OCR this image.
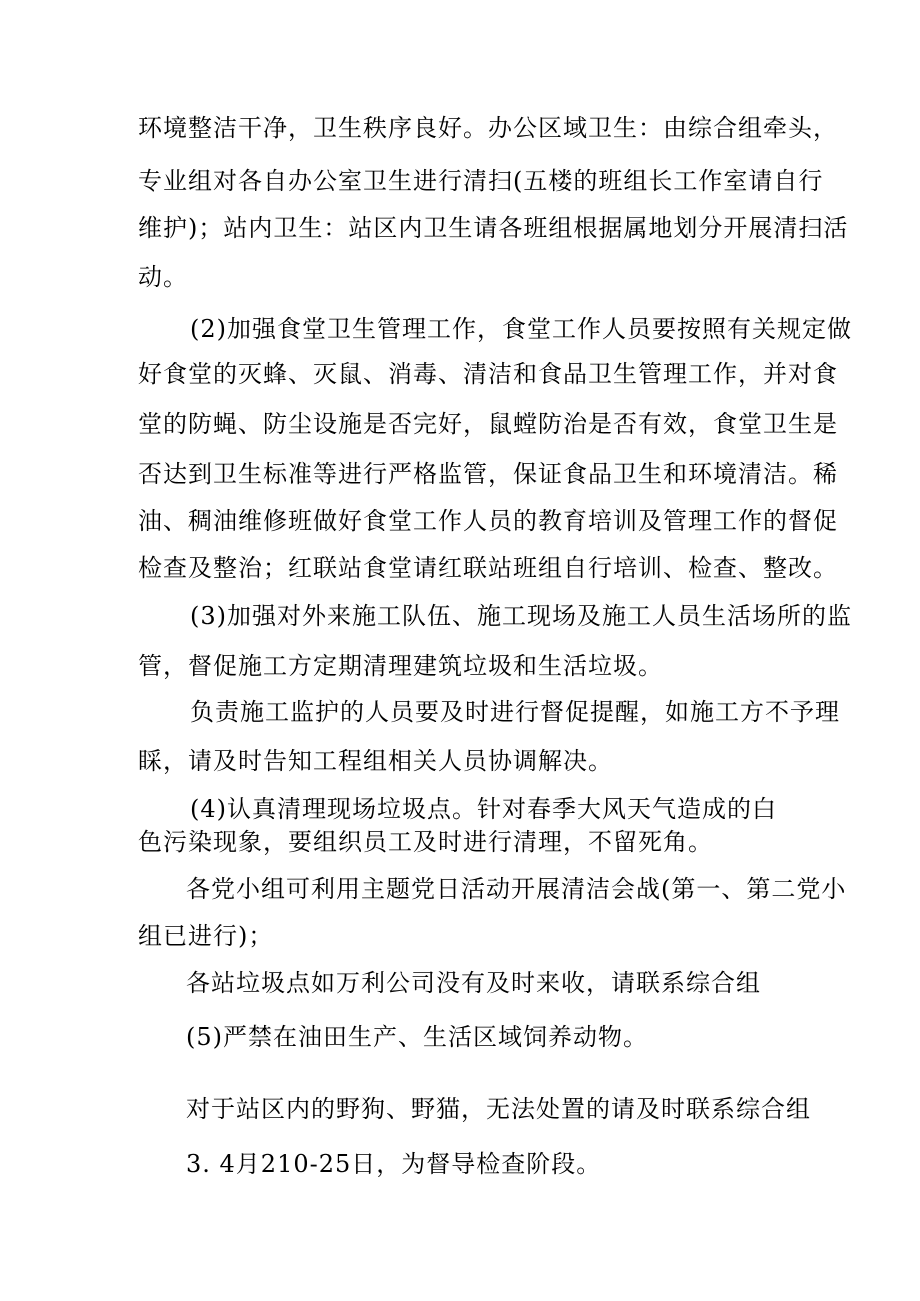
环境整洁干净，卫生秩序良好。办公区域卫生：由综合组牵头，
专业组对各自办公室卫生进行清扫(五楼的班组长工作室请自行
维护)；站内卫生：站区内卫生请各班组根据属地划分开展清扫活
动。
(2)加强食堂卫生管理工作，食堂工作人员要按照有关规定做
好食堂的灭蜂、灭鼠、消毒、清洁和食品卫生管理工作，并对食
堂的防蝇、防尘设施是否完好，鼠螳防治是否有效，食堂卫生是
否达到卫生标准等进行严格监管，保证食品卫生和环境清洁。稀
油、稠油维修班做好食堂工作人员的教育培训及管理工作的督促
检查及整治；红联站食堂请红联站班组自行培训、检查、整改。
(3)加强对外来施工队伍、施工现场及施工人员生活场所的监
管，督促施工方定期清理建筑垃圾和生活垃圾。
负责施工监护的人员要及时进行督促提醒，如施工方不予理
睬，请及时告知工程组相关人员协调解决。
(4)认真清理现场垃圾点。针对春季大风天气造成的白
色污染现象，要组织员工及时进行清理，不留死角。
各党小组可利用主题党日活动开展清洁会战(第一、第二党小
组已进行)；
各站垃圾点如万利公司没有及时来收，请联系综合组
(5)严禁在油田生产、生活区域饲养动物。
对于站区内的野狗、野猫，无法处置的请及时联系综合组
3. 4月210-25日，为督导检查阶段。
